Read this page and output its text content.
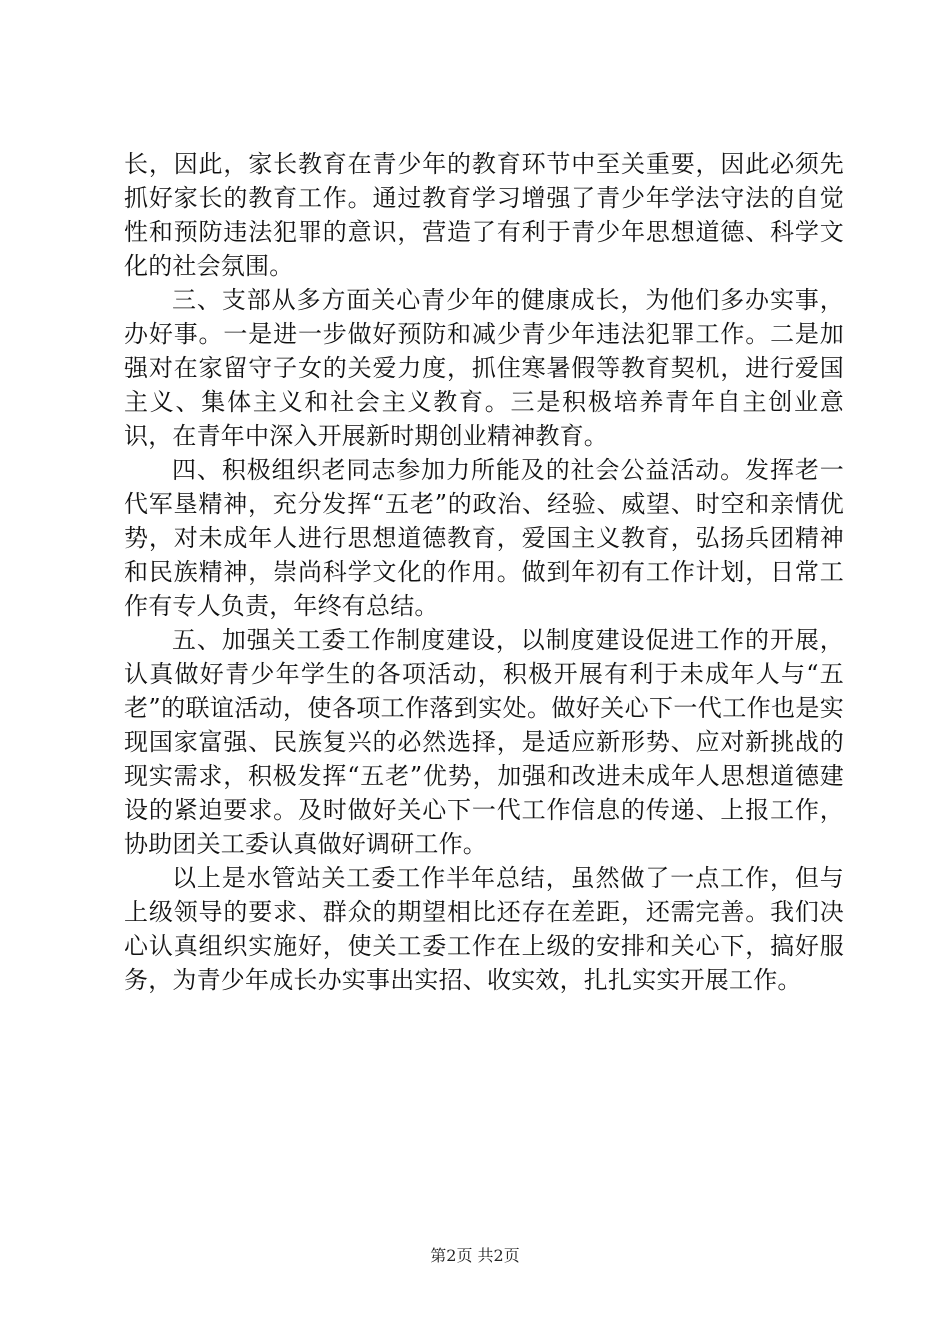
长，因此，家长教育在青少年的教育环节中至关重要，因此必须先抓好家长的教育工作。通过教育学习增强了青少年学法守法的自觉性和预防违法犯罪的意识，营造了有利于青少年思想道德、科学文化的社会氛围。

三、支部从多方面关心青少年的健康成长，为他们多办实事，办好事。一是进一步做好预防和减少青少年违法犯罪工作。二是加强对在家留守子女的关爱力度，抓住寒暑假等教育契机，进行爱国主义、集体主义和社会主义教育。三是积极培养青年自主创业意识，在青年中深入开展新时期创业精神教育。

四、积极组织老同志参加力所能及的社会公益活动。发挥老一代军垦精神，充分发挥“五老”的政治、经验、威望、时空和亲情优势，对未成年人进行思想道德教育，爱国主义教育，弘扬兵团精神和民族精神，崇尚科学文化的作用。做到年初有工作计划，日常工作有专人负责，年终有总结。

五、加强关工委工作制度建设，以制度建设促进工作的开展，认真做好青少年学生的各项活动，积极开展有利于未成年人与“五老”的联谊活动，使各项工作落到实处。做好关心下一代工作也是实现国家富强、民族复兴的必然选择，是适应新形势、应对新挑战的现实需求，积极发挥“五老”优势，加强和改进未成年人思想道德建设的紧迫要求。及时做好关心下一代工作信息的传递、上报工作，协助团关工委认真做好调研工作。

以上是水管站关工委工作半年总结，虽然做了一点工作，但与上级领导的要求、群众的期望相比还存在差距，还需完善。我们决心认真组织实施好，使关工委工作在上级的安排和关心下，搞好服务，为青少年成长办实事出实招、收实效，扎扎实实开展工作。

第2页 共2页
